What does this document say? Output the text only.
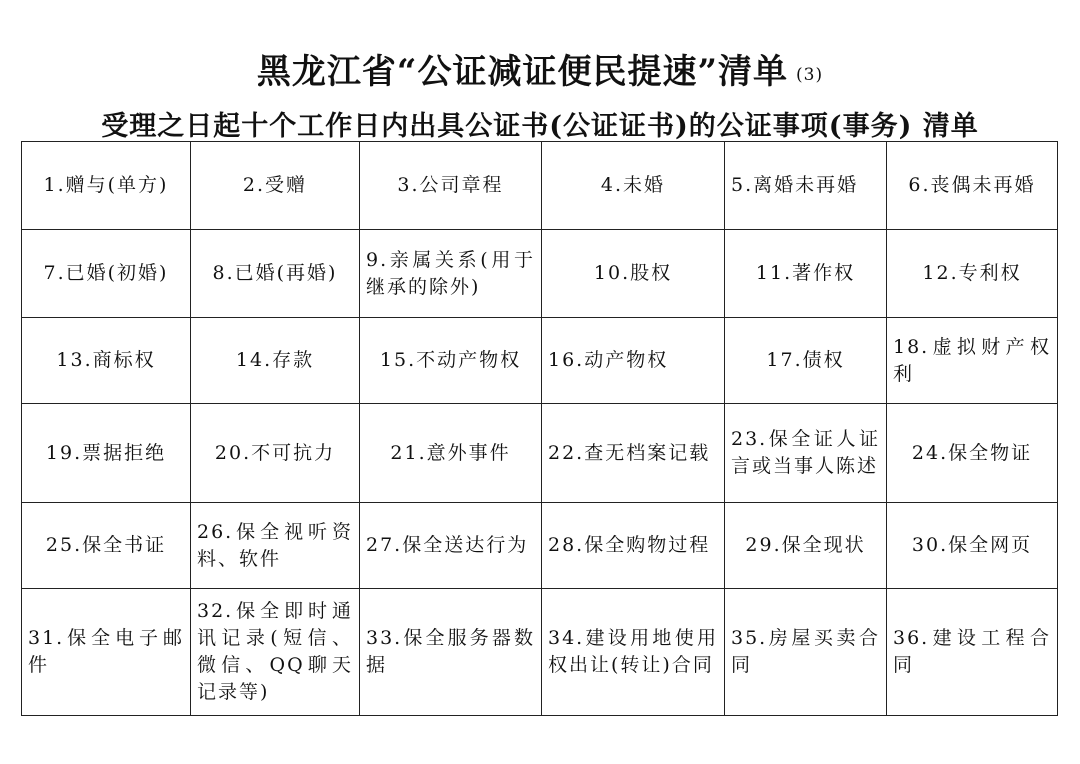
黑龙江省“公证减证便民提速”清单 (3)
受理之日起十个工作日内出具公证书(公证证书)的公证事项(事务) 清单
1.赠与(单方)	2.受赠	3.公司章程	4.未婚	5.离婚未再婚	6.丧偶未再婚
7.已婚(初婚)	8.已婚(再婚)	9.亲属关系(用于继承的除外)	10.股权	11.著作权	12.专利权
13.商标权	14.存款	15.不动产物权	16.动产物权	17.债权	18.虚拟财产权利
19.票据拒绝	20.不可抗力	21.意外事件	22.查无档案记载	23.保全证人证言或当事人陈述	24.保全物证
25.保全书证	26.保全视听资料、软件	27.保全送达行为	28.保全购物过程	29.保全现状	30.保全网页
31.保全电子邮件	32.保全即时通讯记录(短信、微信、QQ聊天记录等)	33.保全服务器数据	34.建设用地使用权出让(转让)合同	35.房屋买卖合同	36.建设工程合同
